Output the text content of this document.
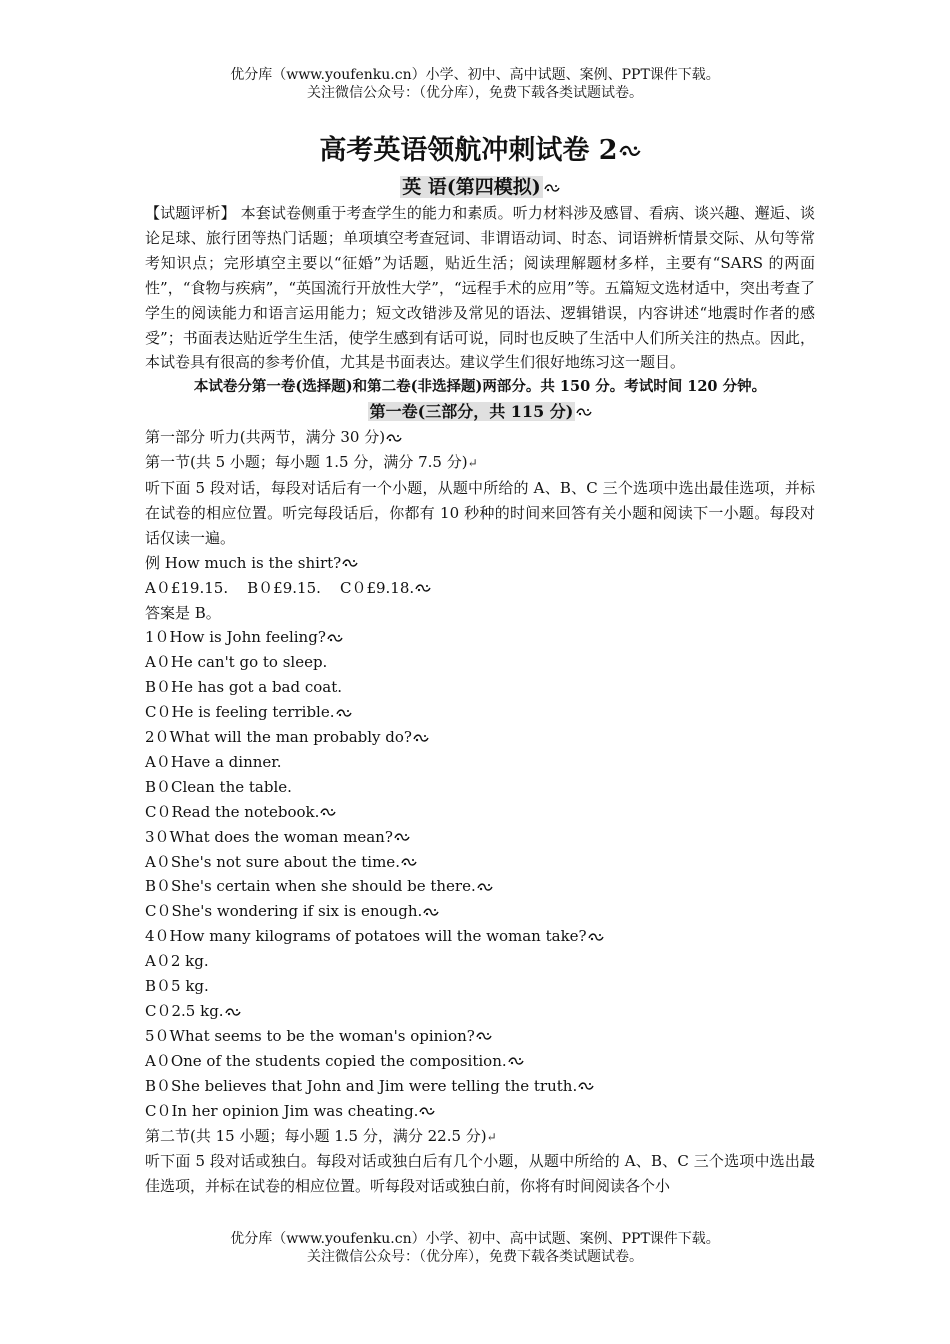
优分库（www.youfenku.cn）小学、初中、高中试题、案例、PPT课件下载。
关注微信公众号：（优分库），免费下载各类试题试卷。
高考英语领航冲刺试卷 2
英 语(第四模拟)
【试题评析】 本套试卷侧重于考查学生的能力和素质。听力材料涉及感冒、看病、谈兴趣、邂逅、谈论足球、旅行团等热门话题；单项填空考查冠词、非谓语动词、时态、词语辨析情景交际、从句等常考知识点；完形填空主要以“征婚”为话题，贴近生活；阅读理解题材多样，主要有“SARS 的两面性”，“食物与疾病”，“英国流行开放性大学”，“远程手术的应用”等。五篇短文选材适中，突出考查了学生的阅读能力和语言运用能力；短文改错涉及常见的语法、逻辑错误，内容讲述“地震时作者的感受”；书面表达贴近学生生活，使学生感到有话可说，同时也反映了生活中人们所关注的热点。因此，本试卷具有很高的参考价值，尤其是书面表达。建议学生们很好地练习这一题目。
本试卷分第一卷(选择题)和第二卷(非选择题)两部分。共 150 分。考试时间 120 分钟。
第一卷(三部分，共 115 分)
第一部分 听力(共两节，满分 30 分)
第一节(共 5 小题；每小题 1.5 分，满分 7.5 分)↵
听下面 5 段对话，每段对话后有一个小题，从题中所给的 A、B、C 三个选项中选出最佳选项，并标在试卷的相应位置。听完每段话后，你都有 10 秒种的时间来回答有关小题和阅读下一小题。每段对话仅读一遍。
例 How much is the shirt?
A０£19.15.    B０£9.15.    C０£9.18.
答案是 B。
1０How is John feeling?
A０He can't go to sleep.
B０He has got a bad coat.
C０He is feeling terrible.
2０What will the man probably do?
A０Have a dinner.
B０Clean the table.
C０Read the notebook.
3０What does the woman mean?
A０She's not sure about the time.
B０She's certain when she should be there.
C０She's wondering if six is enough.
4０How many kilograms of potatoes will the woman take?
A０2 kg.
B０5 kg.
C０2.5 kg.
5０What seems to be the woman's opinion?
A０One of the students copied the composition.
B０She believes that John and Jim were telling the truth.
C０In her opinion Jim was cheating.
第二节(共 15 小题；每小题 1.5 分，满分 22.5 分)↵
听下面 5 段对话或独白。每段对话或独白后有几个小题，从题中所给的 A、B、C 三个选项中选出最佳选项，并标在试卷的相应位置。听每段对话或独白前，你将有时间阅读各个小
优分库（www.youfenku.cn）小学、初中、高中试题、案例、PPT课件下载。
关注微信公众号：（优分库），免费下载各类试题试卷。
